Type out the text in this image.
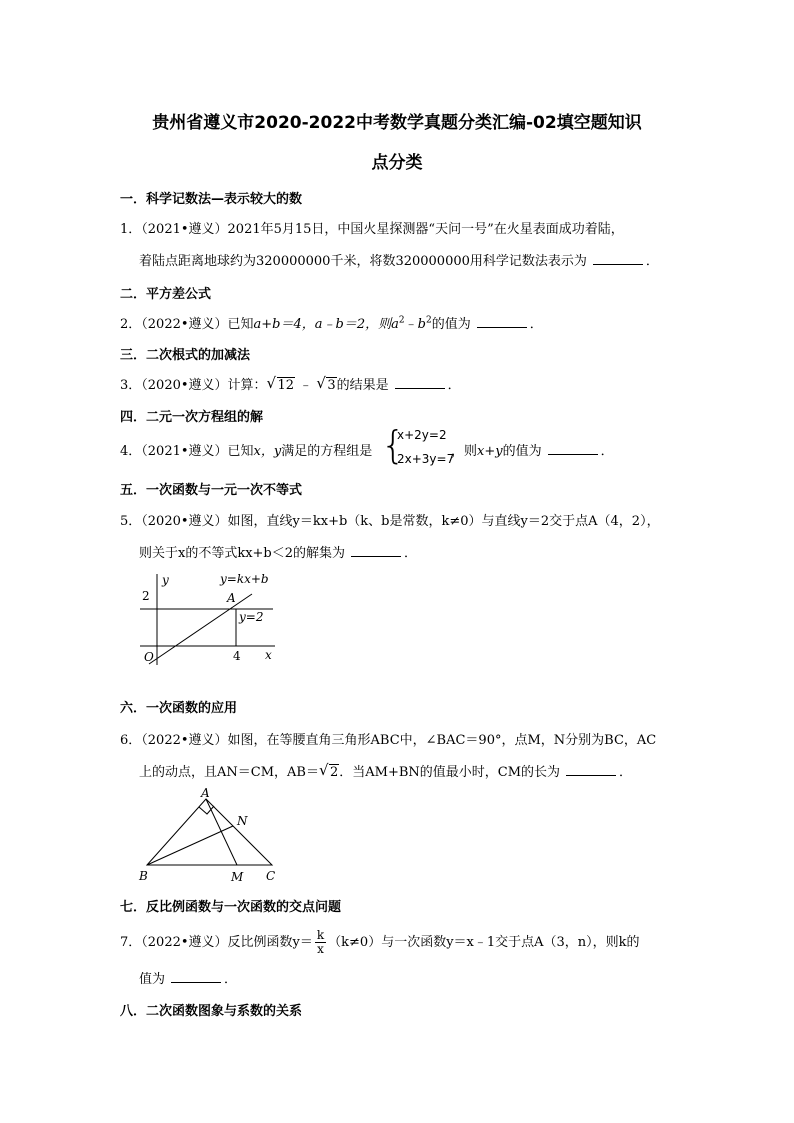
贵州省遵义市2020-2022中考数学真题分类汇编-02填空题知识
点分类
一．科学记数法—表示较大的数
1．（2021•遵义）2021年5月15日，中国火星探测器“天问一号”在火星表面成功着陆，
着陆点距离地球约为320000000千米，将数320000000用科学记数法表示为	．
二．平方差公式
2．（2022•遵义）已知a+b＝4，a﹣b＝2，则$a^2﹣b^2$的值为	．
三．二次根式的加减法
3．（2020•遵义）计算： √ 12 ﹣ √ 3的结果是	．
四．二元一次方程组的解
4．（2021•遵义）已知x，y满足的方程组是 {
x+2y=2
2x+3y=7
，则x+y的值为	．
五．一次函数与一元一次不等式
5．（2020•遵义）如图，直线y＝kx+b（k、b是常数，k≠0）与直线y＝2交于点A（4，2），
则关于x的不等式kx+b＜2的解集为	．
y
x
O
2
4
A
y=kx+b
y=2
六．一次函数的应用
6．（2022•遵义）如图，在等腰直角三角形ABC中，∠BAC＝90°，点M，N分别为BC，AC
上的动点，且AN＝CM，AB＝ √ 2．当AM+BN的值最小时，CM的长为	．
A
B	C
M
N
七．反比例函数与一次函数的交点问题
7．（2022•遵义）反比例函数$y= \frac{k}{x} (k\ne 0)$与一次函数y＝x﹣1交于点A（3，n），则k的
值为	．
八．二次函数图象与系数的关系
